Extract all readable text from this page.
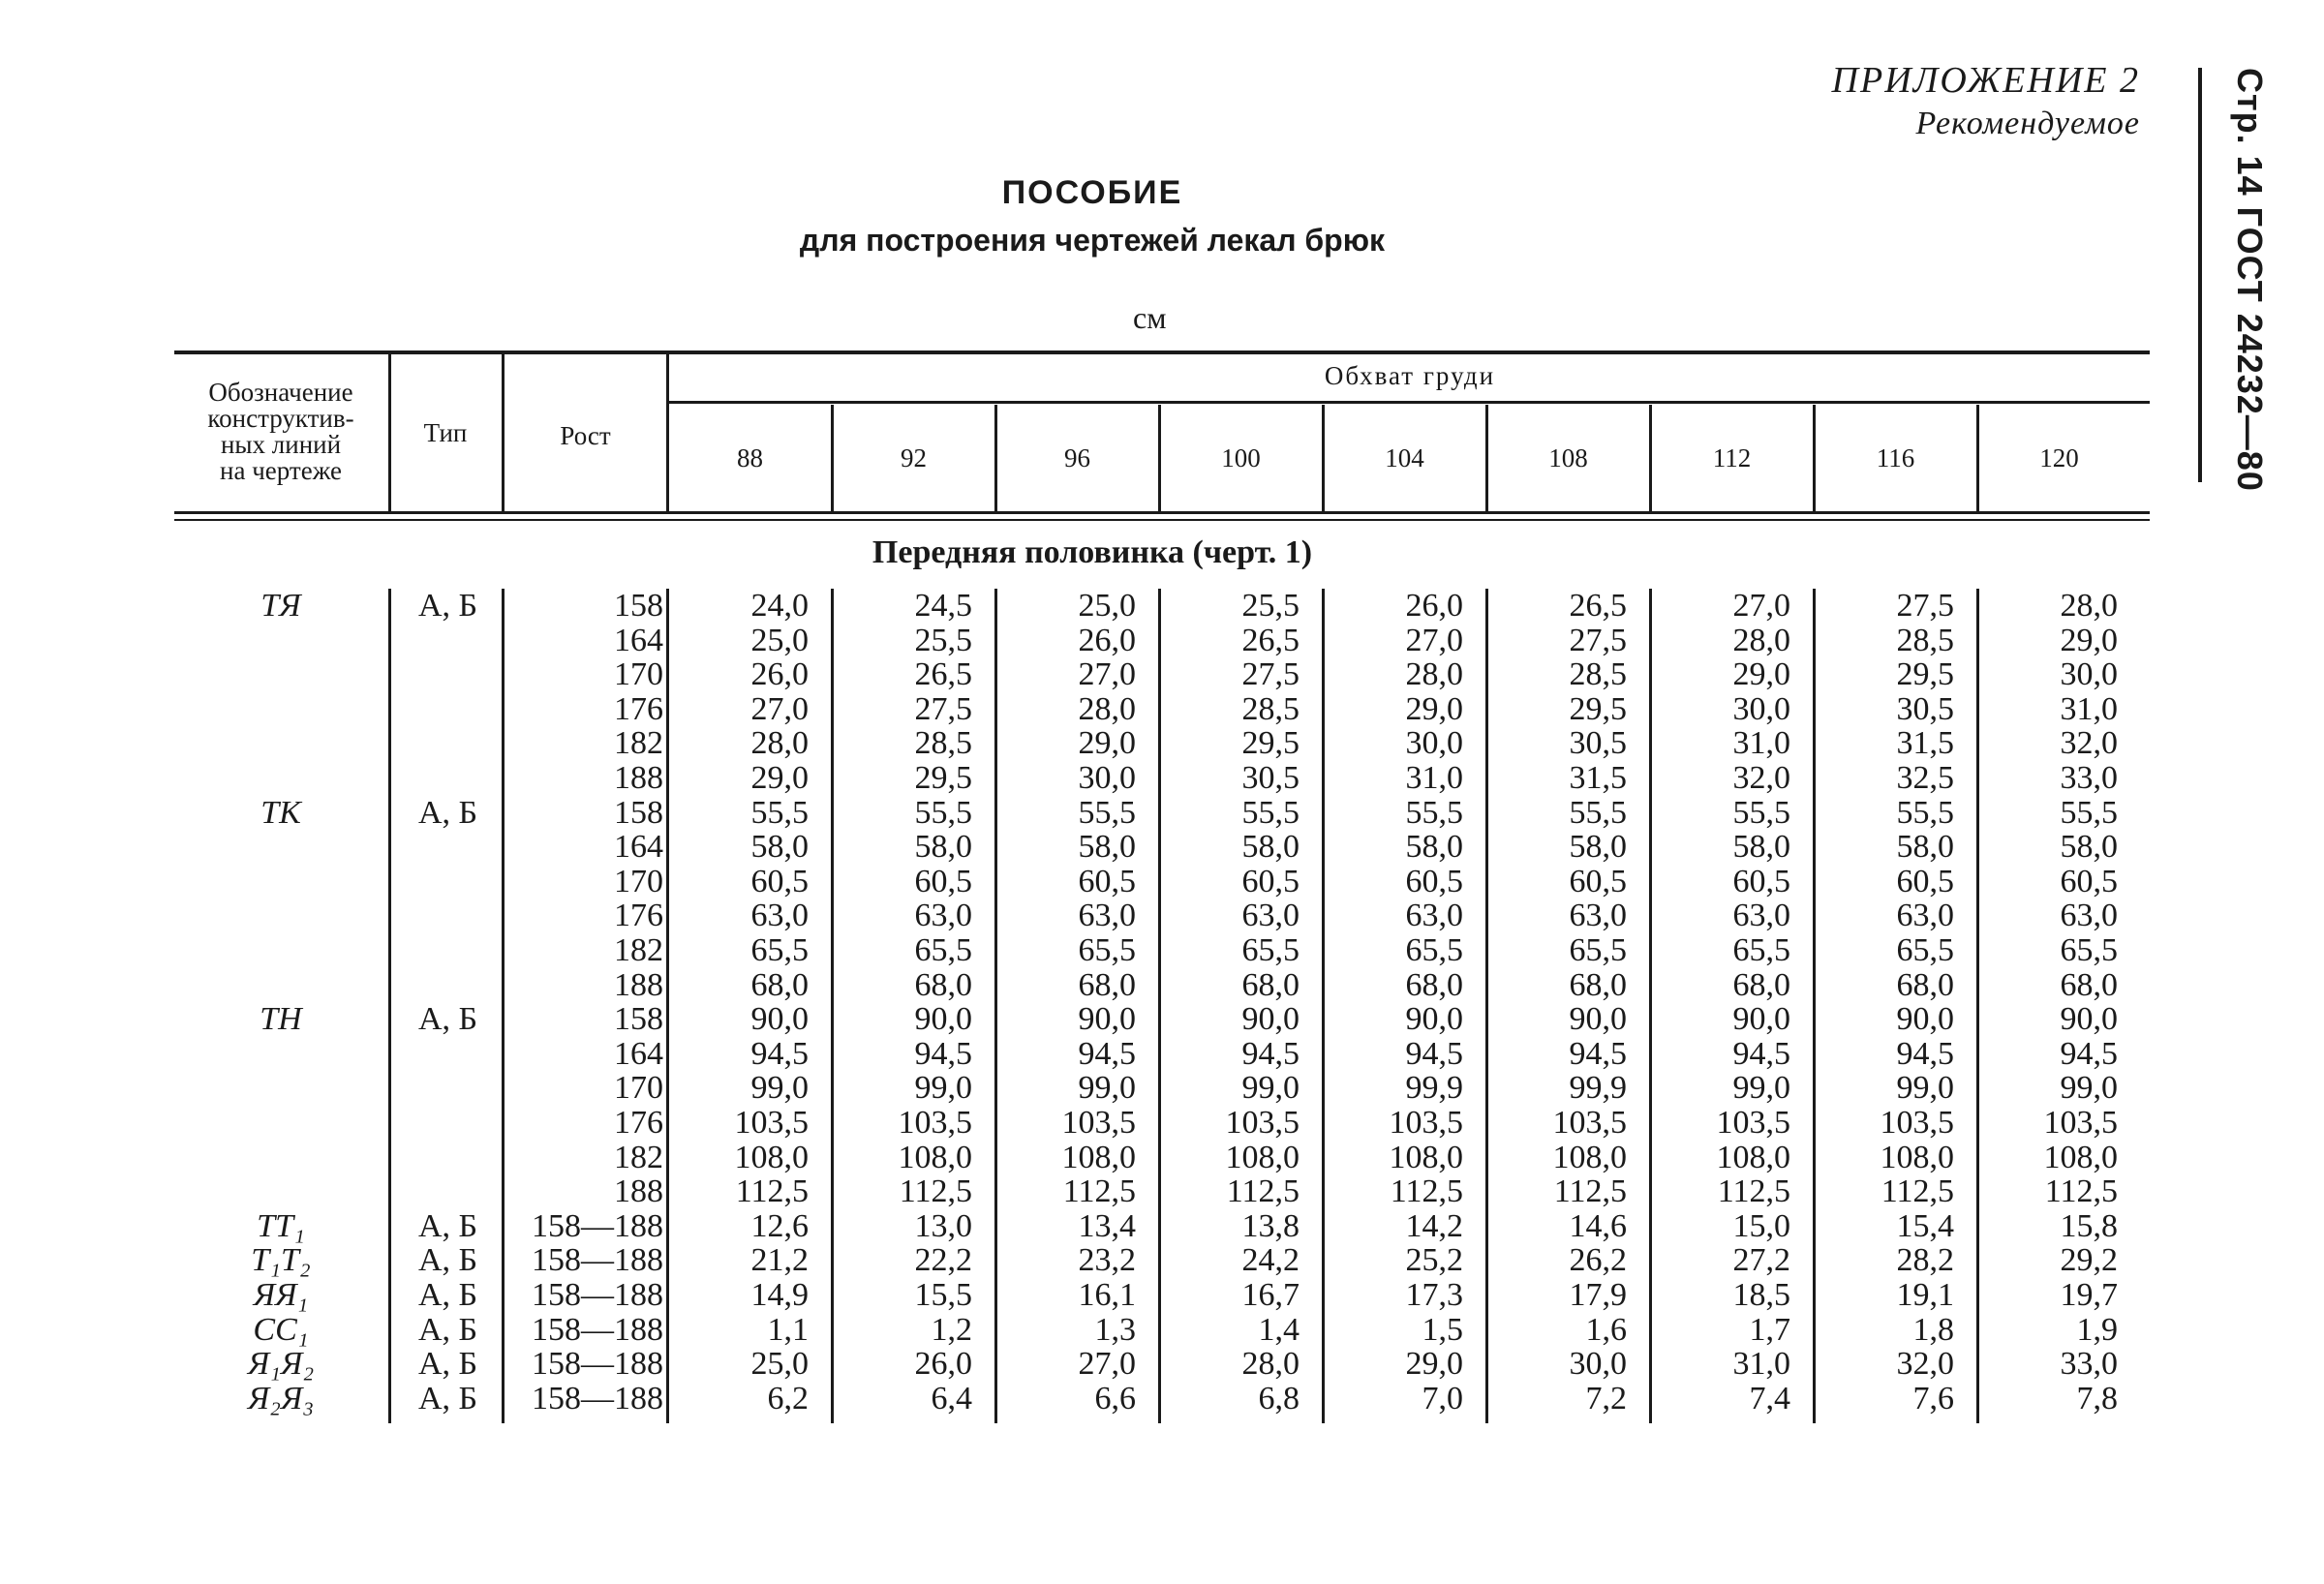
ПРИЛОЖЕНИЕ 2
Рекомендуемое	Стр. 14 ГОСТ 24232—80
ПОСОБИЕ
для построения чертежей лекал брюк
см
Обозначение
конструктив-
ных линий
на чертеже
Тип	Рост
Обхват груди
88	92	96	100	104	108	112	116	120
Передняя половинка (черт. 1)
ТЯ	А, Б	158	24,0	24,5	25,0	25,5	26,0	26,5	27,0	27,5	28,0
164	25,0	25,5	26,0	26,5	27,0	27,5	28,0	28,5	29,0
170	26,0	26,5	27,0	27,5	28,0	28,5	29,0	29,5	30,0
176	27,0	27,5	28,0	28,5	29,0	29,5	30,0	30,5	31,0
182	28,0	28,5	29,0	29,5	30,0	30,5	31,0	31,5	32,0
188	29,0	29,5	30,0	30,5	31,0	31,5	32,0	32,5	33,0
ТК	А, Б	158	55,5	55,5	55,5	55,5	55,5	55,5	55,5	55,5	55,5
164	58,0	58,0	58,0	58,0	58,0	58,0	58,0	58,0	58,0
170	60,5	60,5	60,5	60,5	60,5	60,5	60,5	60,5	60,5
176	63,0	63,0	63,0	63,0	63,0	63,0	63,0	63,0	63,0
182	65,5	65,5	65,5	65,5	65,5	65,5	65,5	65,5	65,5
188	68,0	68,0	68,0	68,0	68,0	68,0	68,0	68,0	68,0
ТН	А, Б	158	90,0	90,0	90,0	90,0	90,0	90,0	90,0	90,0	90,0
164	94,5	94,5	94,5	94,5	94,5	94,5	94,5	94,5	94,5
170	99,0	99,0	99,0	99,0	99,9	99,9	99,0	99,0	99,0
176	103,5	103,5	103,5	103,5	103,5	103,5	103,5	103,5	103,5
182	108,0	108,0	108,0	108,0	108,0	108,0	108,0	108,0	108,0
188	112,5	112,5	112,5	112,5	112,5	112,5	112,5	112,5	112,5
ТТ₁	А, Б	158—188	12,6	13,0	13,4	13,8	14,2	14,6	15,0	15,4	15,8
Т₁Т₂	А, Б	158—188	21,2	22,2	23,2	24,2	25,2	26,2	27,2	28,2	29,2
ЯЯ₁	А, Б	158—188	14,9	15,5	16,1	16,7	17,3	17,9	18,5	19,1	19,7
СС₁	А, Б	158—188	1,1	1,2	1,3	1,4	1,5	1,6	1,7	1,8	1,9
Я₁Я₂	А, Б	158—188	25,0	26,0	27,0	28,0	29,0	30,0	31,0	32,0	33,0
Я₂Я₃	А, Б	158—188	6,2	6,4	6,6	6,8	7,0	7,2	7,4	7,6	7,8
